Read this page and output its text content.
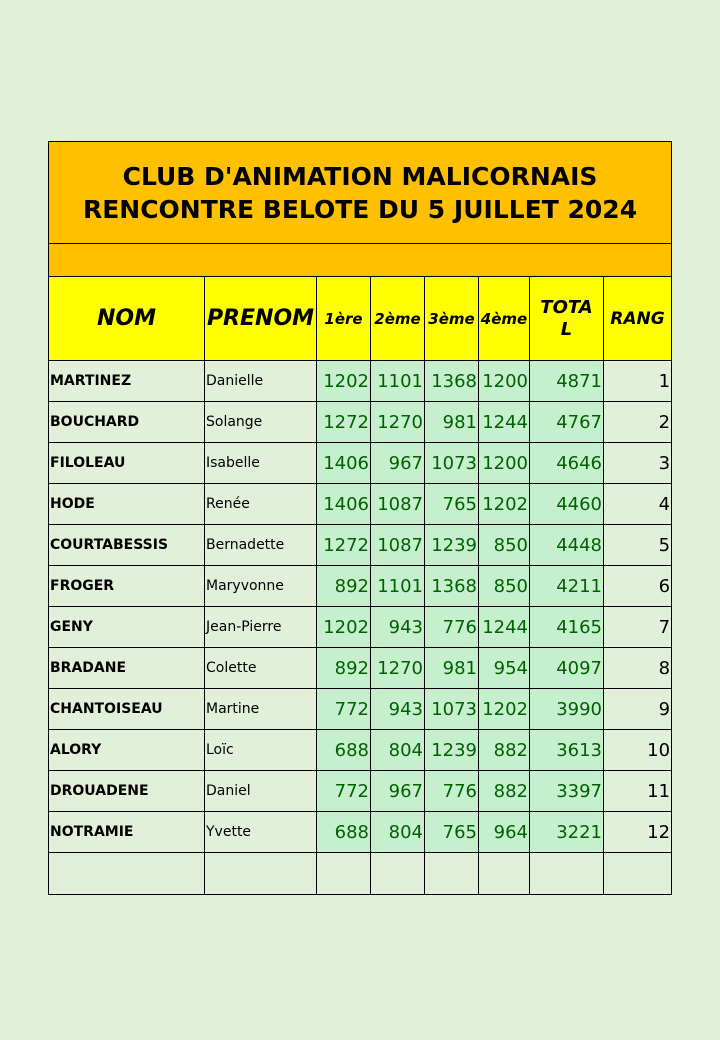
CLUB D'ANIMATION MALICORNAIS
RENCONTRE BELOTE DU 5 JUILLET 2024							

NOM	PRENOM	1ère	2ème	3ème	4ème	TOTAL	RANG
MARTINEZ	Danielle	1202	1101	1368	1200	4871	1
BOUCHARD	Solange	1272	1270	981	1244	4767	2
FILOLEAU	Isabelle	1406	967	1073	1200	4646	3
HODE	Renée	1406	1087	765	1202	4460	4
COURTABESSIS	Bernadette	1272	1087	1239	850	4448	5
FROGER	Maryvonne	892	1101	1368	850	4211	6
GENY	Jean-Pierre	1202	943	776	1244	4165	7
BRADANE	Colette	892	1270	981	954	4097	8
CHANTOISEAU	Martine	772	943	1073	1202	3990	9
ALORY	Loïc	688	804	1239	882	3613	10
DROUADENE	Daniel	772	967	776	882	3397	11
NOTRAMIE	Yvette	688	804	765	964	3221	12
